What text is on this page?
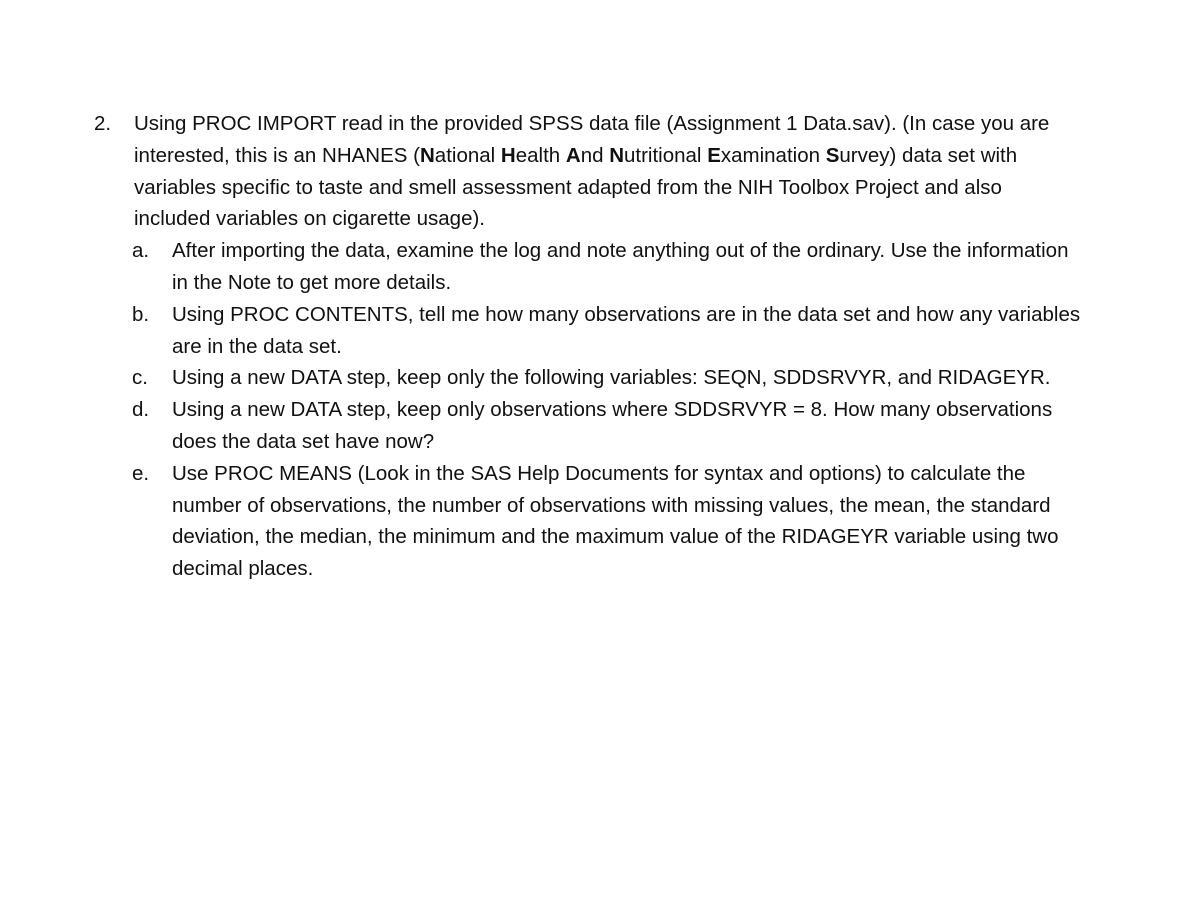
2.	Using PROC IMPORT read in the provided SPSS data file (Assignment 1 Data.sav). (In case you are interested, this is an NHANES (National Health And Nutritional Examination Survey) data set with variables specific to taste and smell assessment adapted from the NIH Toolbox Project and also included variables on cigarette usage).

a.	After importing the data, examine the log and note anything out of the ordinary. Use the information in the Note to get more details.
b.	Using PROC CONTENTS, tell me how many observations are in the data set and how any variables are in the data set.
c.	Using a new DATA step, keep only the following variables: SEQN, SDDSRVYR, and RIDAGEYR.
d.	Using a new DATA step, keep only observations where SDDSRVYR = 8. How many observations does the data set have now?
e.	Use PROC MEANS (Look in the SAS Help Documents for syntax and options) to calculate the number of observations, the number of observations with missing values, the mean, the standard deviation, the median, the minimum and the maximum value of the RIDAGEYR variable using two decimal places.
